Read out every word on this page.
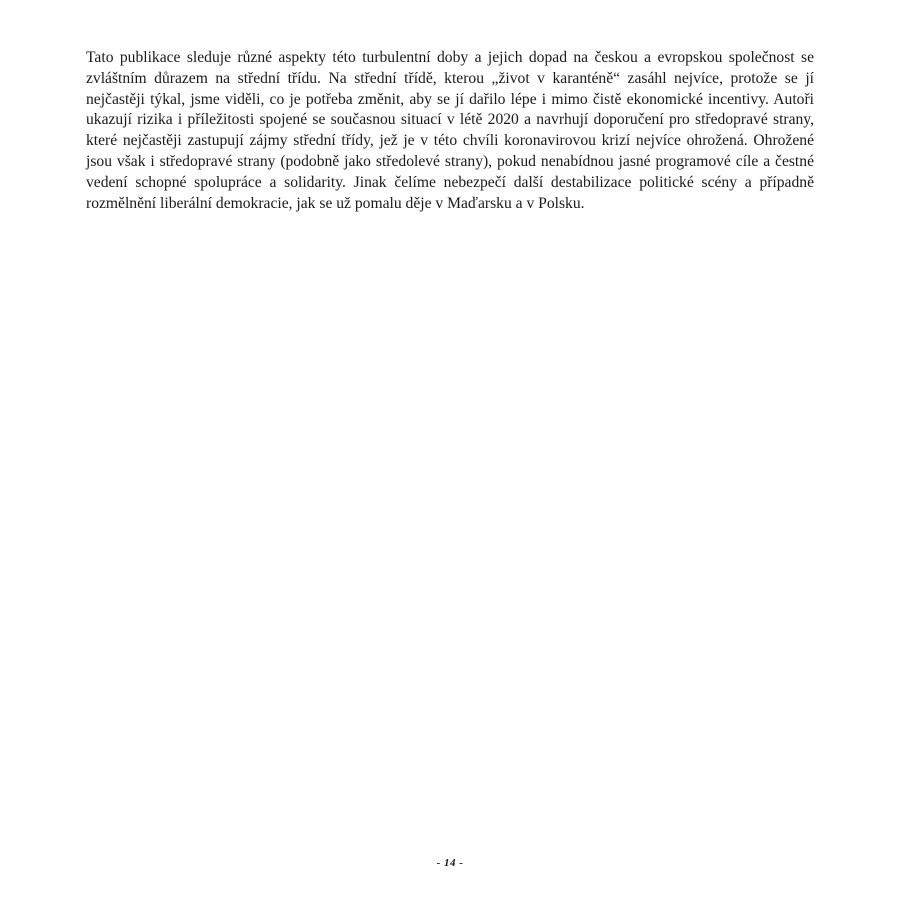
Tato publikace sleduje různé aspekty této turbulentní doby a jejich dopad na českou a evropskou společnost se zvláštním důrazem na střední třídu. Na střední třídě, kterou „život v karanténě“ zasáhl nejvíce, protože se jí nejčastěji týkal, jsme viděli, co je potřeba změnit, aby se jí dařilo lépe i mimo čistě ekonomické incentivy. Autoři ukazují rizika i příležitosti spojené se současnou situací v létě 2020 a navrhují doporučení pro středopravé strany, které nejčastěji zastupují zájmy střední třídy, jež je v této chvíli koronavirovou krizí nejvíce ohrožená. Ohrožené jsou však i středopravé strany (podobně jako středolevé strany), pokud nenabídnou jasné programové cíle a čestné vedení schopné spolupráce a solidarity. Jinak čelíme nebezpečí další destabilizace politické scény a případně rozmělnění liberální demokracie, jak se už pomalu děje v Maďarsku a v Polsku.

- 14 -
